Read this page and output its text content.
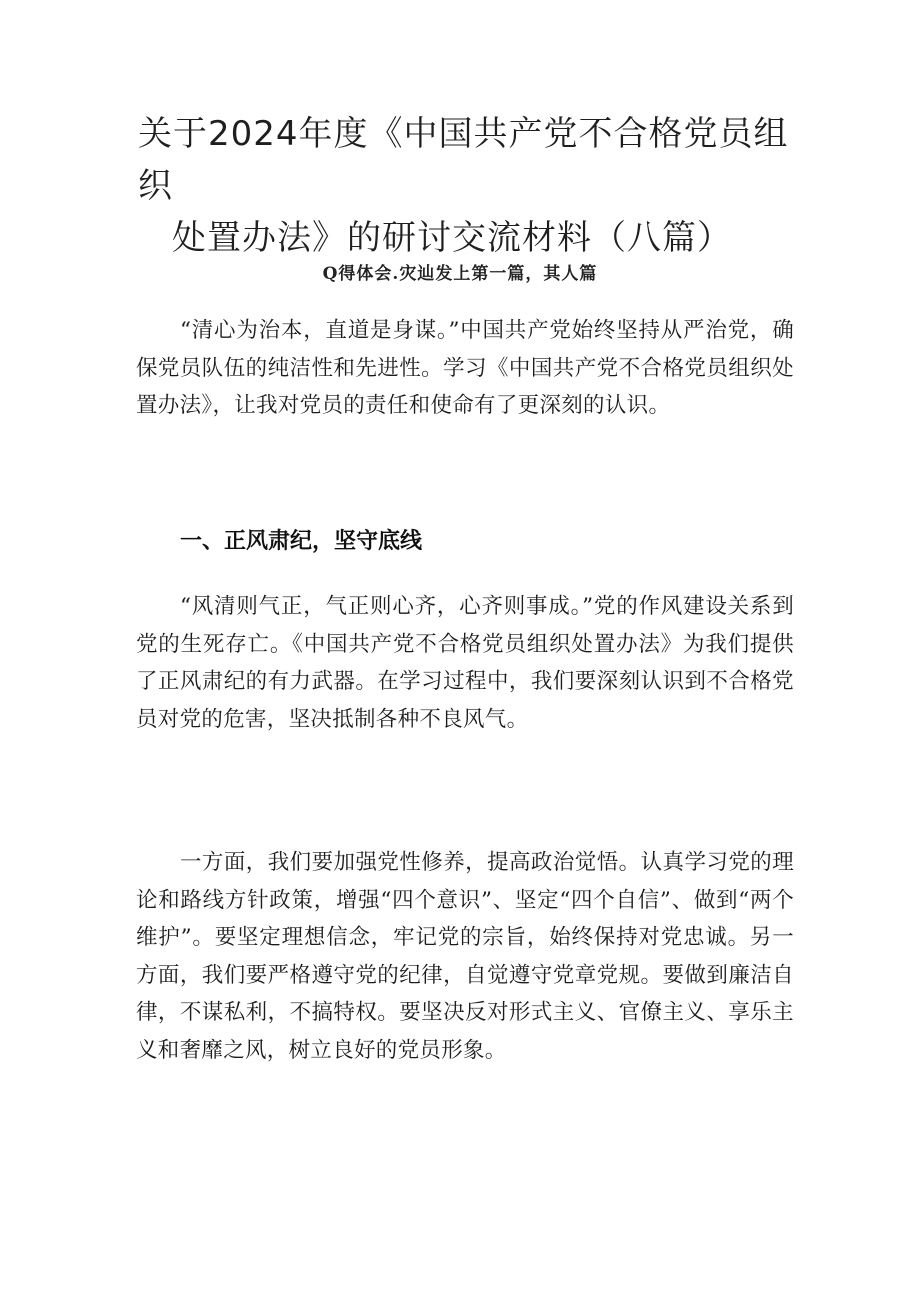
关于2024年度《中国共产党不合格党员组织
处置办法》的研讨交流材料（八篇）

Q得体会.灾辿发上第一篇，其人篇

“清心为治本，直道是身谋。”中国共产党始终坚持从严治党，确保党员队伍的纯洁性和先进性。学习《中国共产党不合格党员组织处置办法》，让我对党员的责任和使命有了更深刻的认识。

一、正风肃纪，坚守底线

“风清则气正，气正则心齐，心齐则事成。”党的作风建设关系到党的生死存亡。《中国共产党不合格党员组织处置办法》为我们提供了正风肃纪的有力武器。在学习过程中，我们要深刻认识到不合格党员对党的危害，坚决抵制各种不良风气。

一方面，我们要加强党性修养，提高政治觉悟。认真学习党的理论和路线方针政策，增强“四个意识”、坚定“四个自信”、做到“两个维护”。要坚定理想信念，牢记党的宗旨，始终保持对党忠诚。另一方面，我们要严格遵守党的纪律，自觉遵守党章党规。要做到廉洁自律，不谋私利，不搞特权。要坚决反对形式主义、官僚主义、享乐主义和奢靡之风，树立良好的党员形象。
